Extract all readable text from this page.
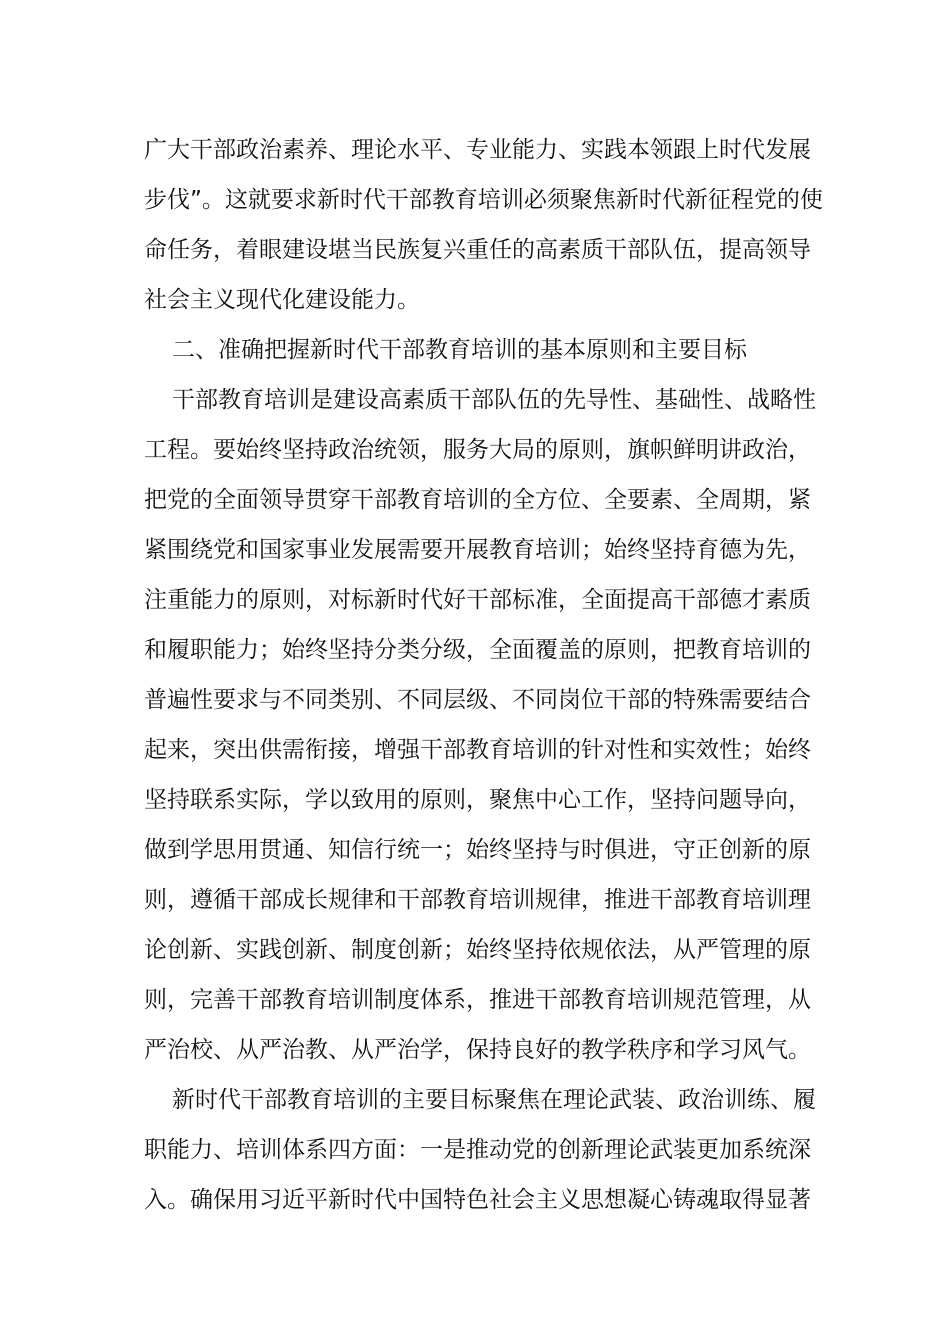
广大干部政治素养、理论水平、专业能力、实践本领跟上时代发展
步伐”。这就要求新时代干部教育培训必须聚焦新时代新征程党的使
命任务，着眼建设堪当民族复兴重任的高素质干部队伍，提高领导
社会主义现代化建设能力。
二、准确把握新时代干部教育培训的基本原则和主要目标
干部教育培训是建设高素质干部队伍的先导性、基础性、战略性
工程。要始终坚持政治统领，服务大局的原则，旗帜鲜明讲政治，
把党的全面领导贯穿干部教育培训的全方位、全要素、全周期，紧
紧围绕党和国家事业发展需要开展教育培训；始终坚持育德为先，
注重能力的原则，对标新时代好干部标准，全面提高干部德才素质
和履职能力；始终坚持分类分级，全面覆盖的原则，把教育培训的
普遍性要求与不同类别、不同层级、不同岗位干部的特殊需要结合
起来，突出供需衔接，增强干部教育培训的针对性和实效性；始终
坚持联系实际，学以致用的原则，聚焦中心工作，坚持问题导向，
做到学思用贯通、知信行统一；始终坚持与时俱进，守正创新的原
则，遵循干部成长规律和干部教育培训规律，推进干部教育培训理
论创新、实践创新、制度创新；始终坚持依规依法，从严管理的原
则，完善干部教育培训制度体系，推进干部教育培训规范管理，从
严治校、从严治教、从严治学，保持良好的教学秩序和学习风气。
新时代干部教育培训的主要目标聚焦在理论武装、政治训练、履
职能力、培训体系四方面：一是推动党的创新理论武装更加系统深
入。确保用习近平新时代中国特色社会主义思想凝心铸魂取得显著
